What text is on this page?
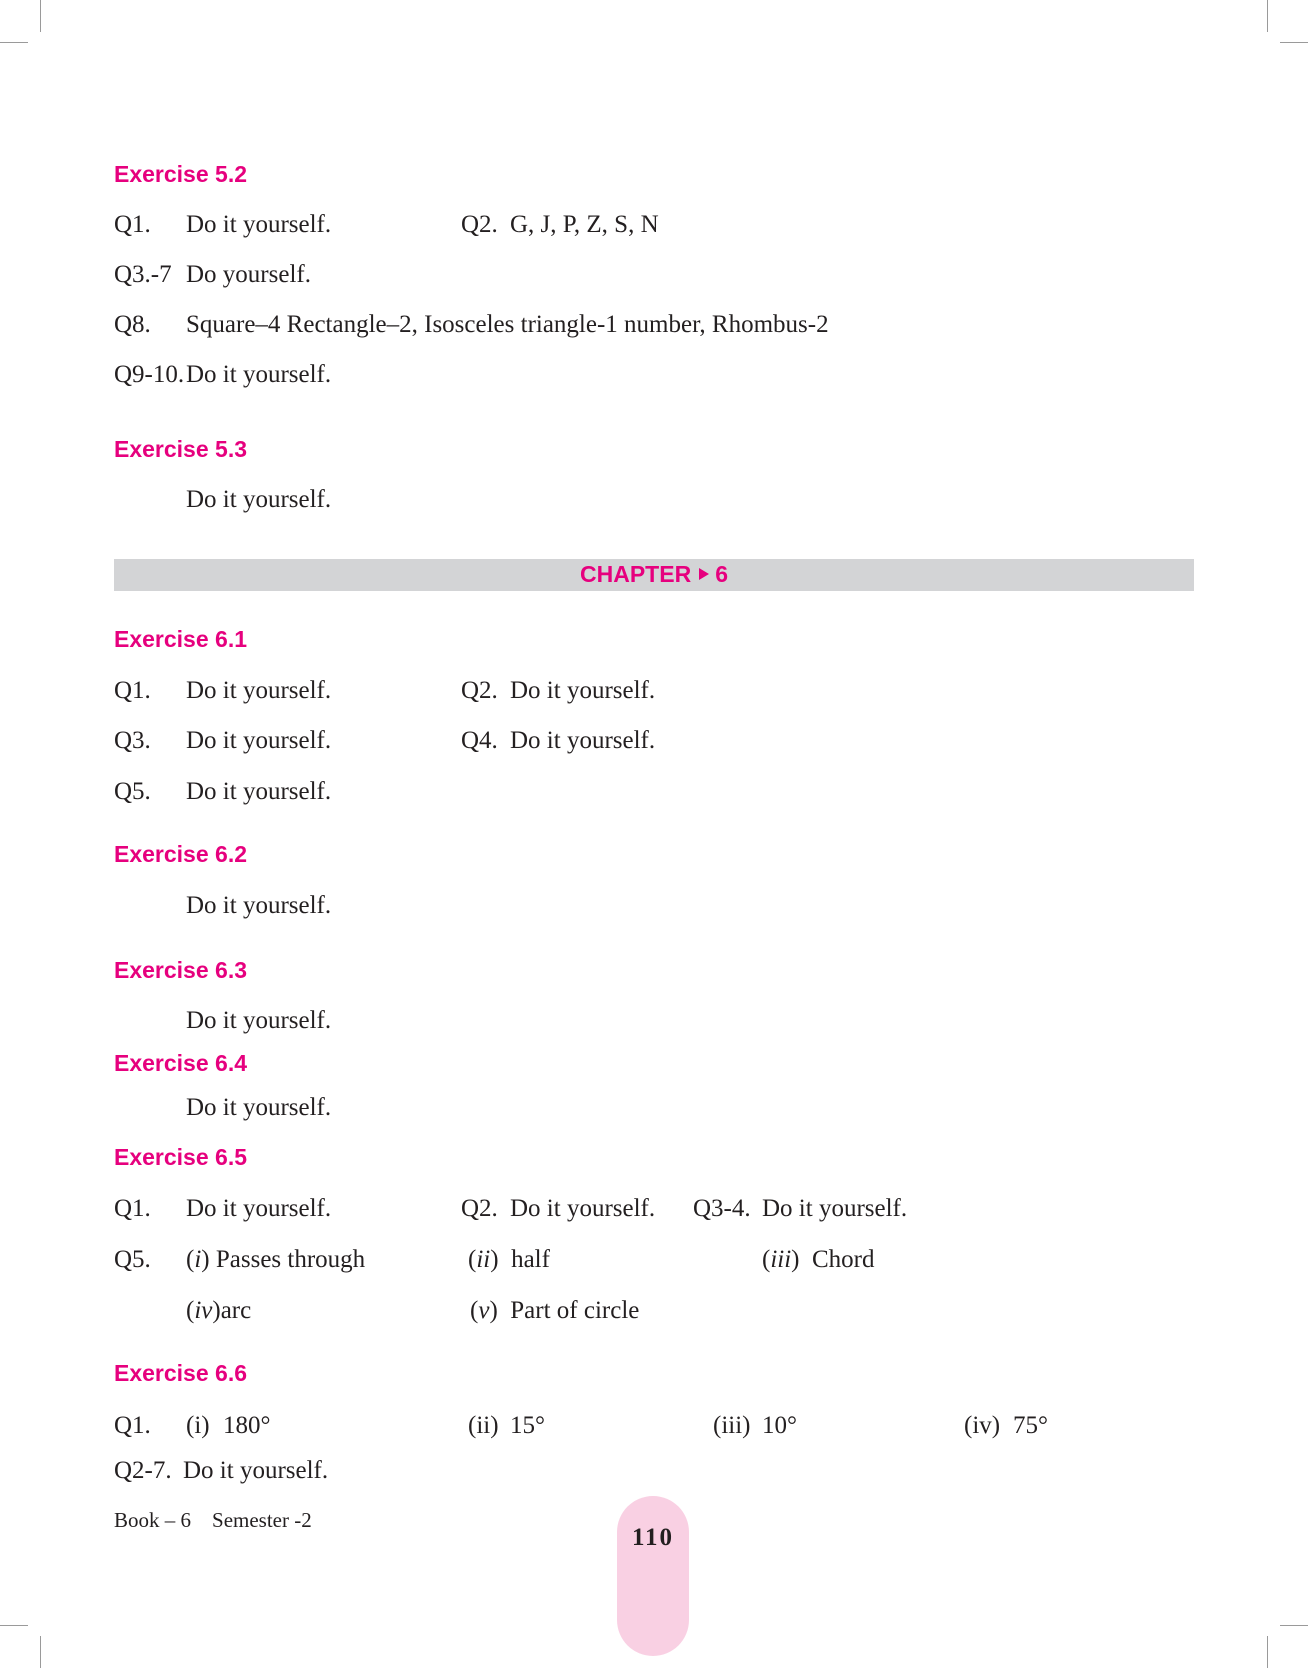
Exercise 5.2
Q1. Do it yourself.	Q2. G, J, P, Z, S, N
Q3.-7 Do yourself.
Q8. Square–4 Rectangle–2, Isosceles triangle-1 number, Rhombus-2
Q9-10. Do it yourself.
Exercise 5.3
Do it yourself.
CHAPTER 6
Exercise 6.1
Q1. Do it yourself.	Q2. Do it yourself.
Q3. Do it yourself.	Q4. Do it yourself.
Q5. Do it yourself.
Exercise 6.2
Do it yourself.
Exercise 6.3
Do it yourself.
Exercise 6.4
Do it yourself.
Exercise 6.5
Q1. Do it yourself.	Q2. Do it yourself. Q3-4. Do it yourself.
Q5. (i) Passes through	(ii)  half	(iii)  Chord
(iv)arc	(v)  Part of circle
Exercise 6.6
Q1. (i) 180°	(ii) 15°	(iii) 10°	(iv) 75°
Q2-7. Do it yourself.
Book – 6 Semester -2
110
